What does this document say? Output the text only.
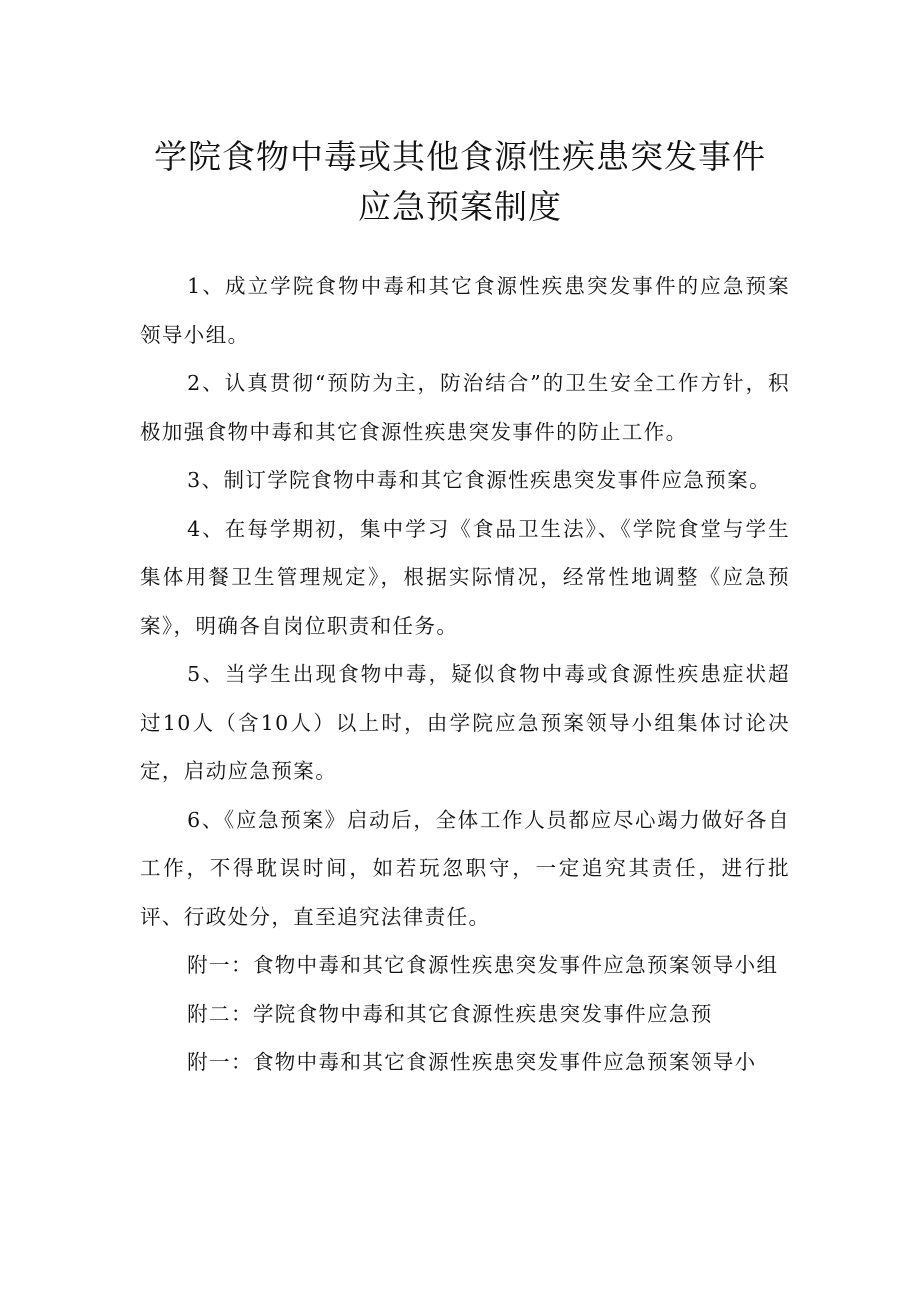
学院食物中毒或其他食源性疾患突发事件
应急预案制度

1、成立学院食物中毒和其它食源性疾患突发事件的应急预案领导小组。

2、认真贯彻“预防为主，防治结合”的卫生安全工作方针，积极加强食物中毒和其它食源性疾患突发事件的防止工作。

3、制订学院食物中毒和其它食源性疾患突发事件应急预案。

4、在每学期初，集中学习《食品卫生法》、《学院食堂与学生集体用餐卫生管理规定》，根据实际情况，经常性地调整《应急预案》，明确各自岗位职责和任务。

5、当学生出现食物中毒，疑似食物中毒或食源性疾患症状超过10人（含10人）以上时，由学院应急预案领导小组集体讨论决定，启动应急预案。

6、《应急预案》启动后，全体工作人员都应尽心竭力做好各自工作，不得耽误时间，如若玩忽职守，一定追究其责任，进行批评、行政处分，直至追究法律责任。

附一：食物中毒和其它食源性疾患突发事件应急预案领导小组

附二：学院食物中毒和其它食源性疾患突发事件应急预

附一：食物中毒和其它食源性疾患突发事件应急预案领导小
